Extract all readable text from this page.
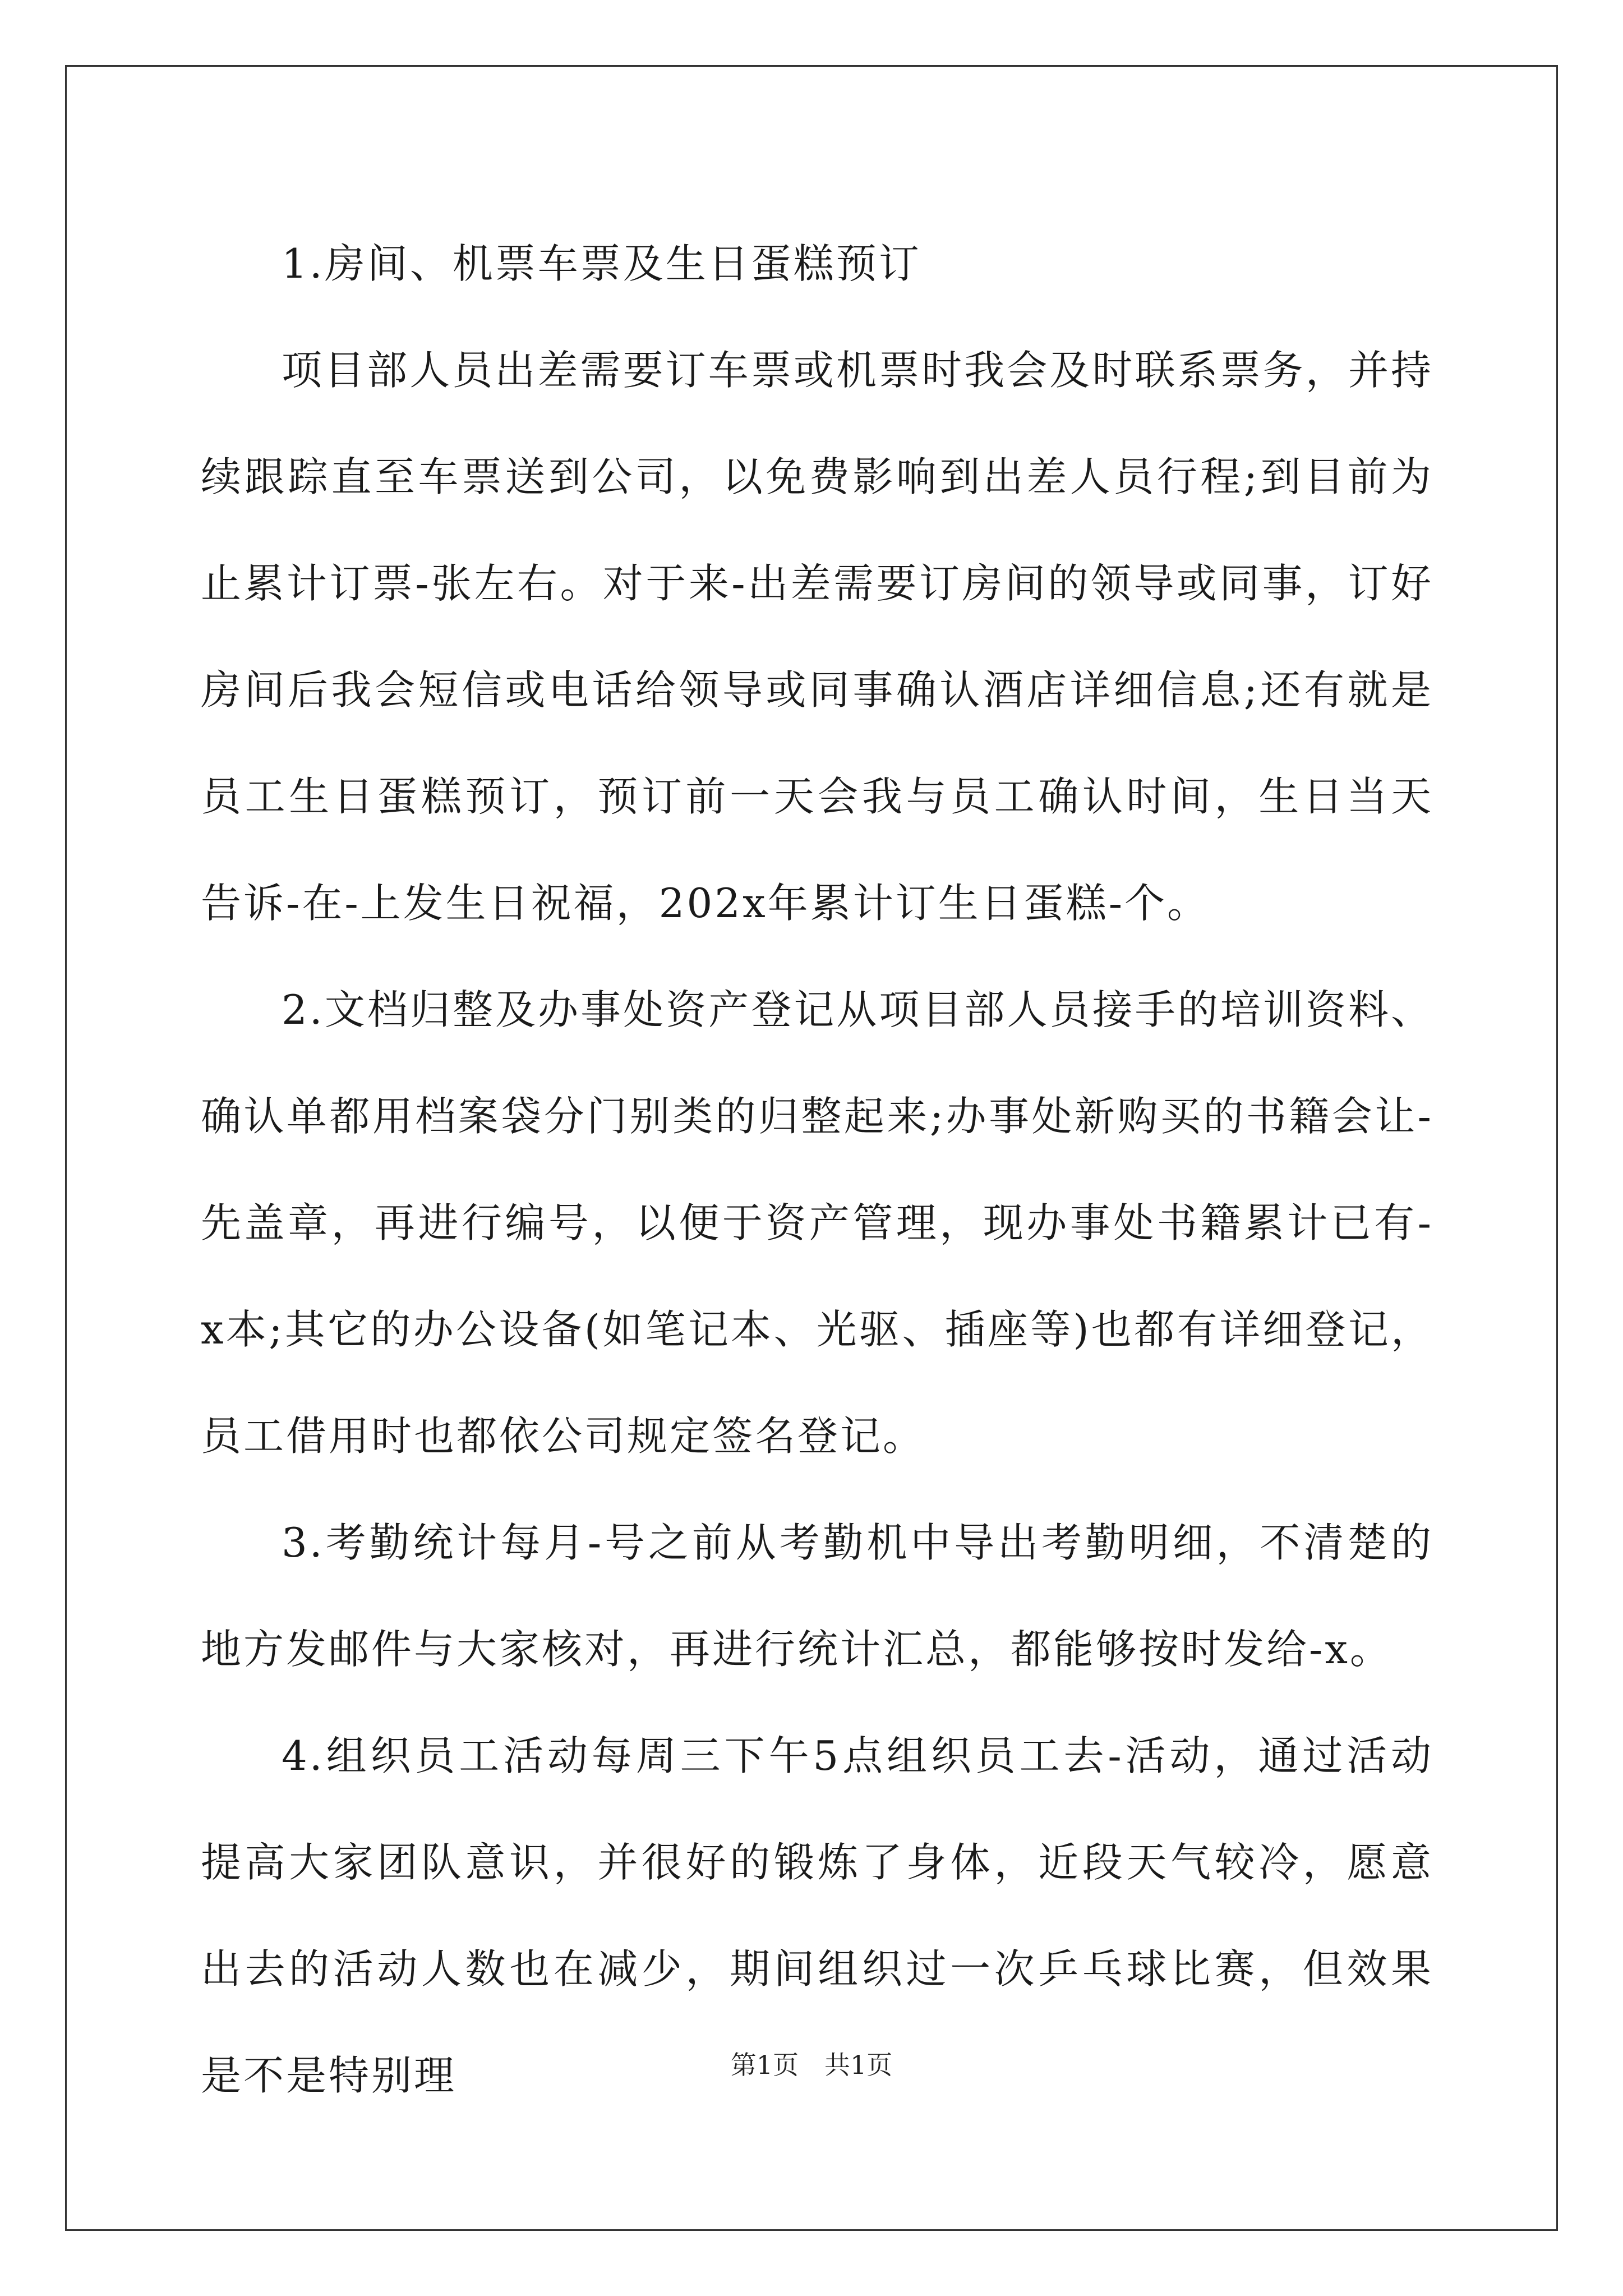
1.房间、机票车票及生日蛋糕预订

项目部人员出差需要订车票或机票时我会及时联系票务，并持续跟踪直至车票送到公司，以免费影响到出差人员行程;到目前为止累计订票-张左右。对于来-出差需要订房间的领导或同事，订好房间后我会短信或电话给领导或同事确认酒店详细信息;还有就是员工生日蛋糕预订，预订前一天会我与员工确认时间，生日当天告诉-在-上发生日祝福，202x年累计订生日蛋糕-个。

2.文档归整及办事处资产登记从项目部人员接手的培训资料、确认单都用档案袋分门别类的归整起来;办事处新购买的书籍会让-先盖章，再进行编号，以便于资产管理，现办事处书籍累计已有-x本;其它的办公设备(如笔记本、光驱、插座等)也都有详细登记，员工借用时也都依公司规定签名登记。

3.考勤统计每月-号之前从考勤机中导出考勤明细，不清楚的地方发邮件与大家核对，再进行统计汇总，都能够按时发给-x。

4.组织员工活动每周三下午5点组织员工去-活动，通过活动提高大家团队意识，并很好的锻炼了身体，近段天气较冷，愿意出去的活动人数也在减少，期间组织过一次乒乓球比赛，但效果是不是特别理	第1页　共1页
